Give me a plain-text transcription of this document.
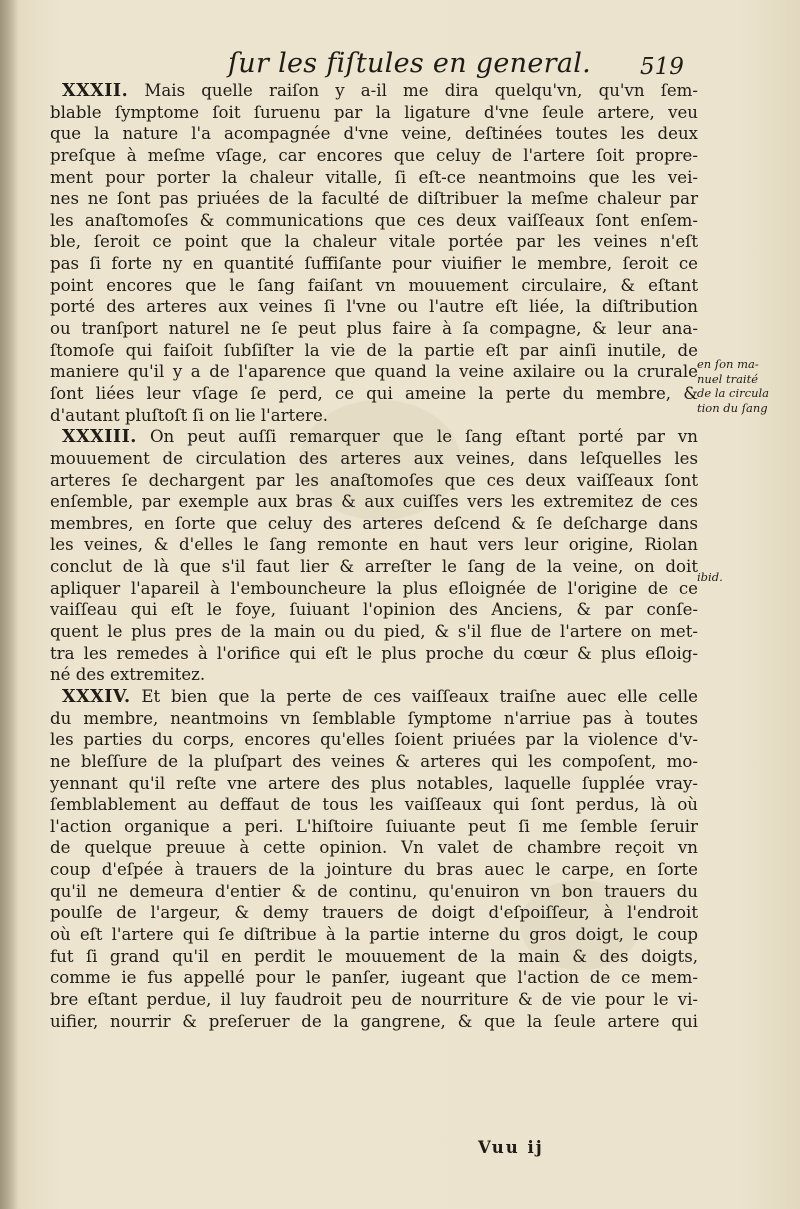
ſur les fiſtules en general. 519
XXXII. Mais quelle raiſon y a-il me dira quelqu'vn, qu'vn ſem-
blable ſymptome ſoit ſuruenu par la ligature d'vne ſeule artere, veu
que la nature l'a acompagnée d'vne veine, deſtinées toutes les deux
preſque à meſme vſage, car encores que celuy de l'artere ſoit propre-
ment pour porter la chaleur vitalle, ſi eſt-ce neantmoins que les vei-
nes ne ſont pas priuées de la faculté de diſtribuer la meſme chaleur par
les anaſtomoſes & communications que ces deux vaiſſeaux ſont enſem-
ble, ſeroit ce point que la chaleur vitale portée par les veines n'eſt
pas ſi forte ny en quantité ſuffiſante pour viuifier le membre, ſeroit ce
point encores que le ſang faiſant vn mouuement circulaire, & eſtant
porté des arteres aux veines ſi l'vne ou l'autre eſt liée, la diſtribution
ou tranſport naturel ne ſe peut plus faire à ſa compagne, & leur ana-
ſtomoſe qui faiſoit ſubſiſter la vie de la partie eſt par ainſi inutile, de
maniere qu'il y a de l'aparence que quand la veine axilaire ou la crurale
ſont liées leur vſage ſe perd, ce qui ameine la perte du membre, &
d'autant pluſtoſt ſi on lie l'artere.
XXXIII. On peut auſſi remarquer que le ſang eſtant porté par vn
mouuement de circulation des arteres aux veines, dans leſquelles les
arteres ſe dechargent par les anaſtomoſes que ces deux vaiſſeaux ſont
enſemble, par exemple aux bras & aux cuiſſes vers les extremitez de ces
membres, en ſorte que celuy des arteres deſcend & ſe deſcharge dans
les veines, & d'elles le ſang remonte en haut vers leur origine, Riolan
conclut de là que s'il faut lier & arreſter le ſang de la veine, on doit
apliquer l'apareil à l'embouncheure la plus eſloignée de l'origine de ce
vaiſſeau qui eſt le foye, ſuiuant l'opinion des Anciens, & par conſe-
quent le plus pres de la main ou du pied, & s'il flue de l'artere on met-
tra les remedes à l'orifice qui eſt le plus proche du cœur & plus eſloig-
né des extremitez.
XXXIV. Et bien que la perte de ces vaiſſeaux traiſne auec elle celle
du membre, neantmoins vn ſemblable ſymptome n'arriue pas à toutes
les parties du corps, encores qu'elles ſoient priuées par la violence d'v-
ne bleſſure de la pluſpart des veines & arteres qui les compoſent, mo-
yennant qu'il reſte vne artere des plus notables, laquelle ſupplée vray-
ſemblablement au deffaut de tous les vaiſſeaux qui ſont perdus, là où
l'action organique a peri. L'hiſtoire ſuiuante peut ſi me ſemble ſeruir
de quelque preuue à cette opinion. Vn valet de chambre reçoit vn
coup d'eſpée à trauers de la jointure du bras auec le carpe, en ſorte
qu'il ne demeura d'entier & de continu, qu'enuiron vn bon trauers du
poulſe de l'argeur, & demy trauers de doigt d'eſpoiſſeur, à l'endroit
où eſt l'artere qui ſe diſtribue à la partie interne du gros doigt, le coup
fut ſi grand qu'il en perdit le mouuement de la main & des doigts,
comme ie fus appellé pour le panſer, iugeant que l'action de ce mem-
bre eſtant perdue, il luy faudroit peu de nourriture & de vie pour le vi-
uifier, nourrir & preſeruer de la gangrene, & que la ſeule artere qui
en ſon ma-
nuel traité
de la circula
tion du ſang
ibid.
Vuu ij
